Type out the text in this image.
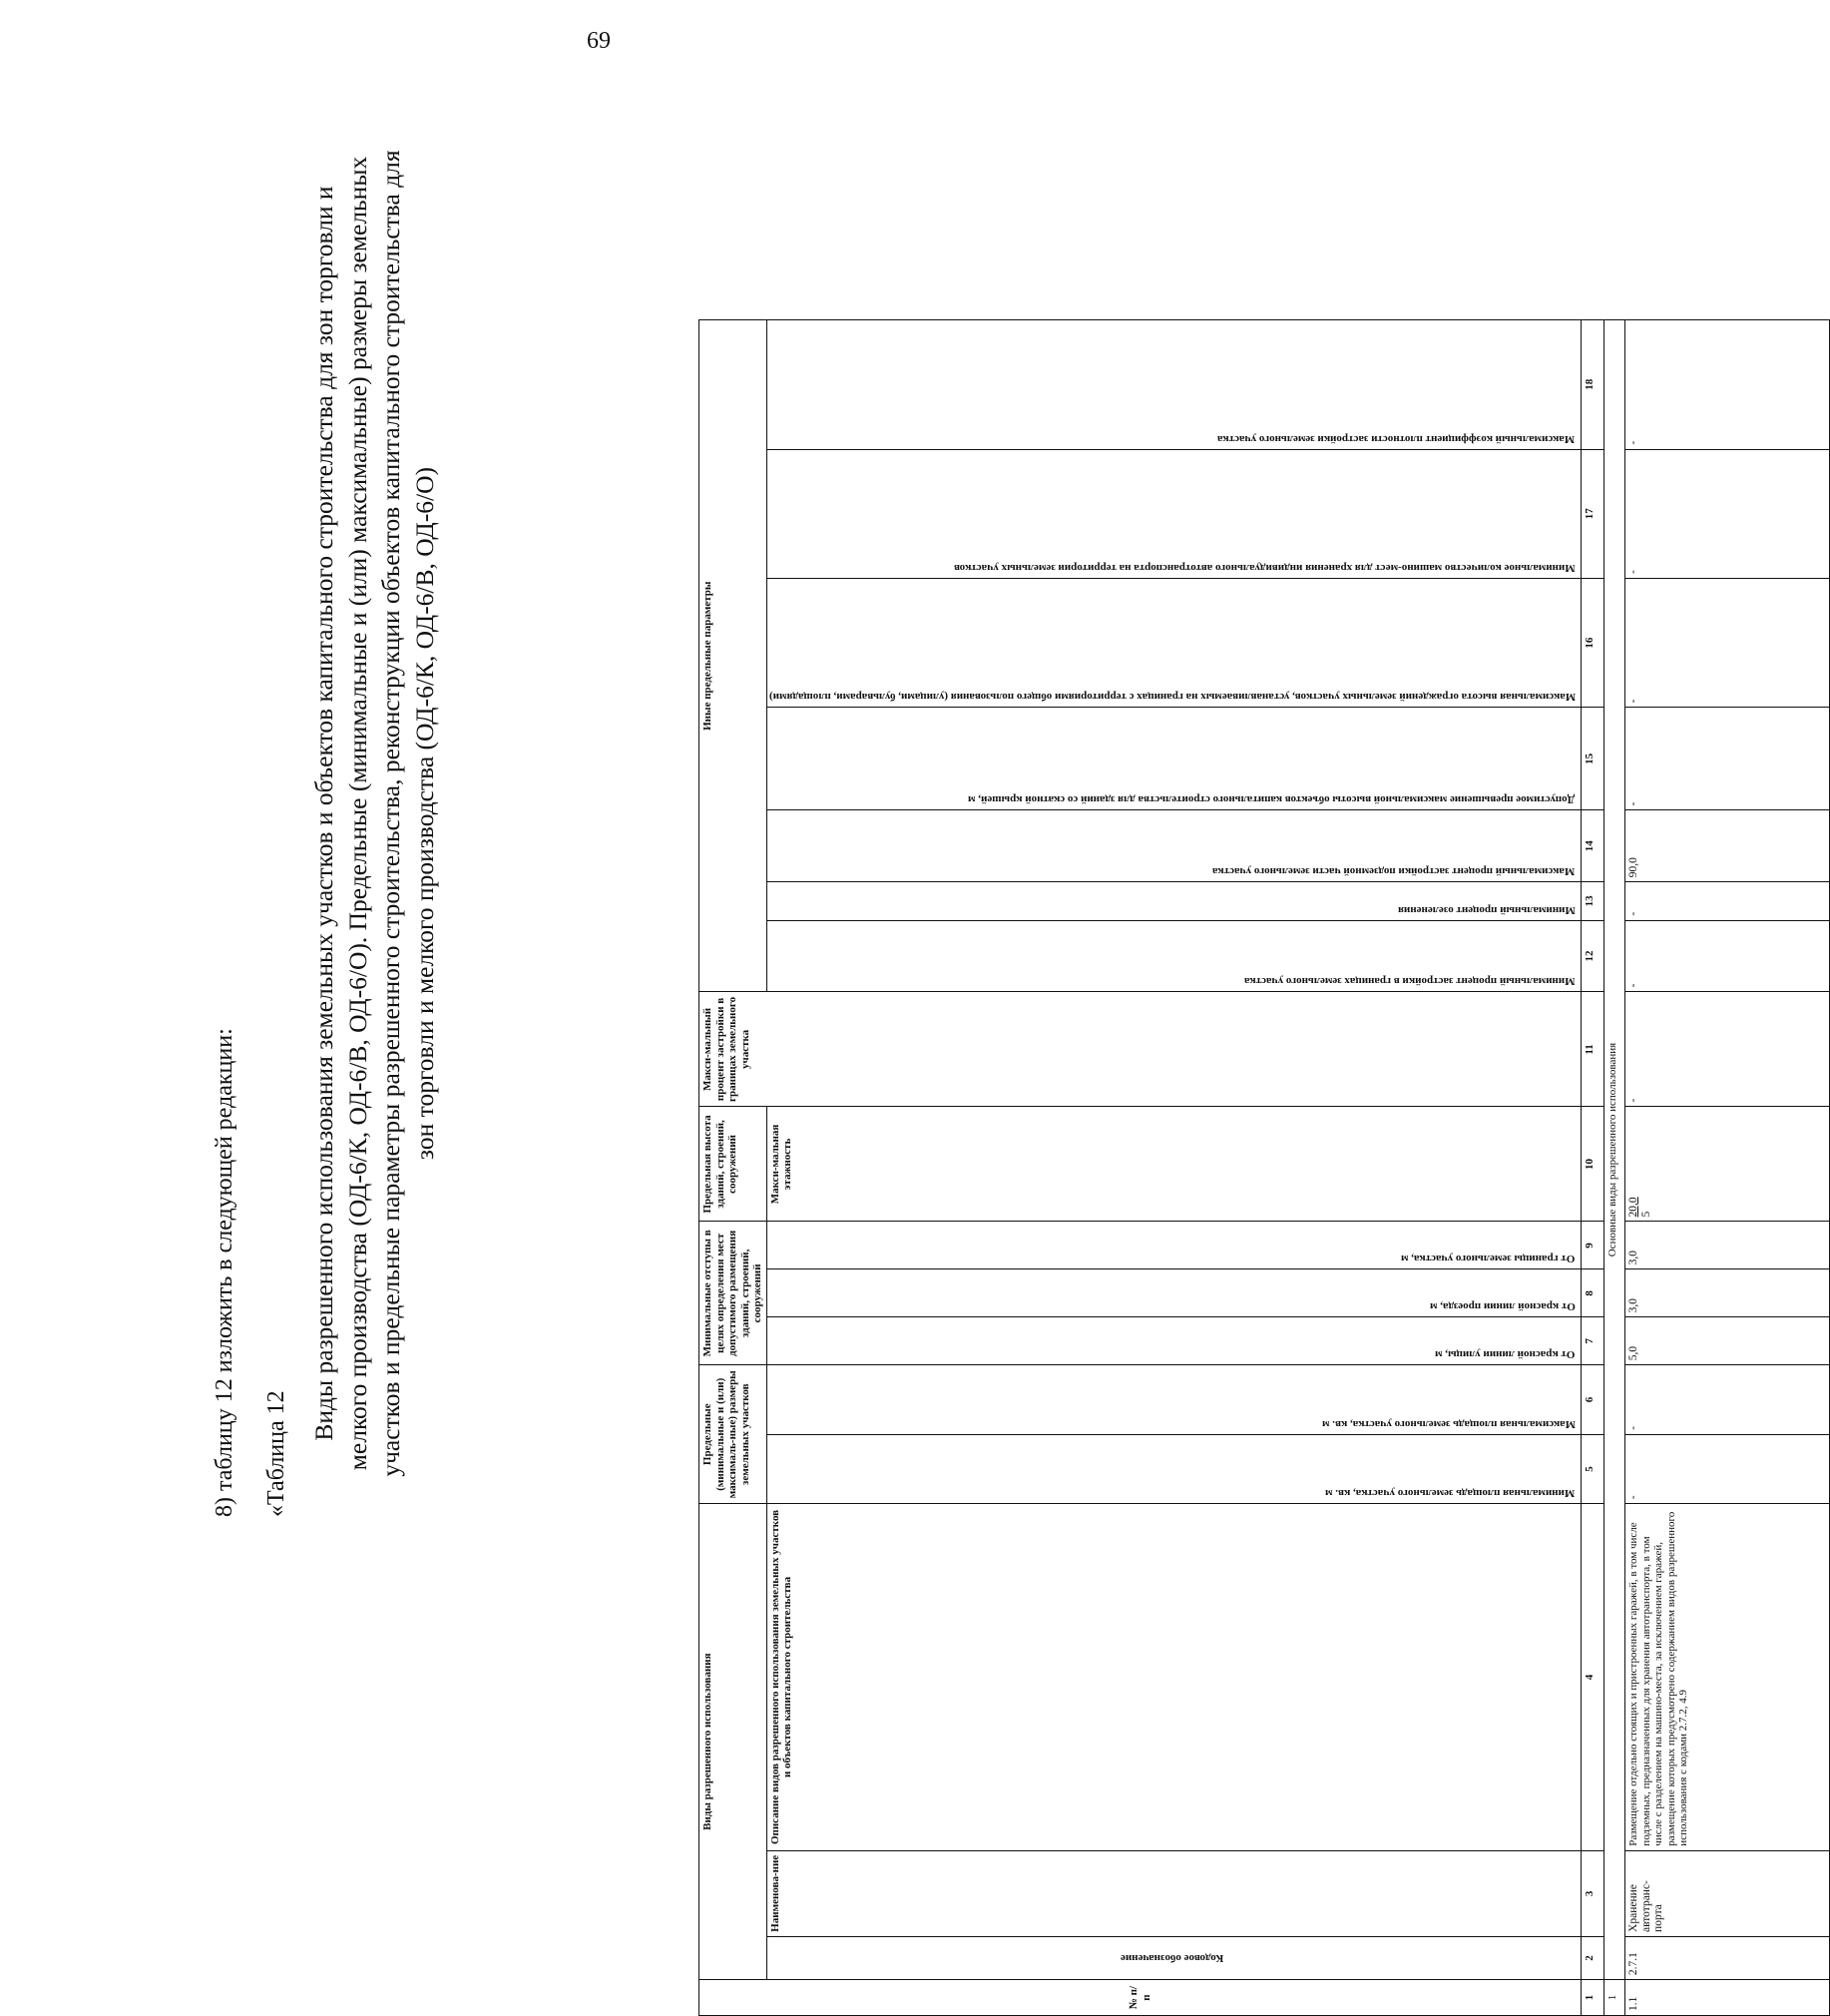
69
8) таблицу 12 изложить в следующей редакции: «Таблица 12
Виды разрешенного использования земельных участков и объектов капитального строительства для зон торговли и мелкого производства (ОД-6/К, ОД-6/В, ОД-6/О). Предельные (минимальные и (или) максимальные) размеры земельных участков и предельные параметры разрешенного строительства, реконструкции объектов капитального строительства для зон торговли и мелкого производства (ОД-6/К, ОД-6/В, ОД-6/О)
№ п/п	Виды разрешенного использования			Предельные (минимальные и (или) максималь-ные) размеры земельных участков		Минимальные отступы в целях определения мест допустимого размещения зданий, строений, сооружений			Предельная высота зданий, строений, сооружений	Макси-мальный процент застройки в границах земельного участка	Иные предельные параметры						
	Кодовое обозначение	Наименова-ние	Описание видов разрешенного использования земельных участков и объектов капитального строительства	Минимальная площадь земельного участка, кв. м	Максимальная площадь земельного участка, кв. м	От красной линии улицы, м	От красной линии проезда, м	От границы земельного участка, м	Макси-мальная этажность		Минимальный процент застройки в границах земельного участка	Минимальный процент озеленения	Максимальный процент застройки подземной части земельного участка	Допустимое превышение максимальной высоты объектов капитального строительства для зданий со скатной крышей, м	Максимальная высота ограждений земельных участков, устанавливаемых на границах с территориями общего пользования (улицами, бульварами, площадями)	Минимальное количество машино-мест для хранения индивидуального автотранспорта на территории земельных участков	Максимальный коэффициент плотности застройки земельного участка

1	2	3	4	5	6	7	8	9	10	11	12	13	14	15	16	17	18
1	Основные виды разрешенного использования																
1.1	2.7.1	Хранение автотранс-порта	Размещение отдельно стоящих и пристроенных гаражей, в том числе подземных, предназначенных для хранения автотранспорта, в том числе с разделением на машино-места, за исключением гаражей, размещение которых предусмотрено содержанием видов разрешенного использования с кодами 2.7.2, 4.9	-	-	5,0	3,0	3,0	20,0 5	-	-	-	90,0	-	-	-	-
